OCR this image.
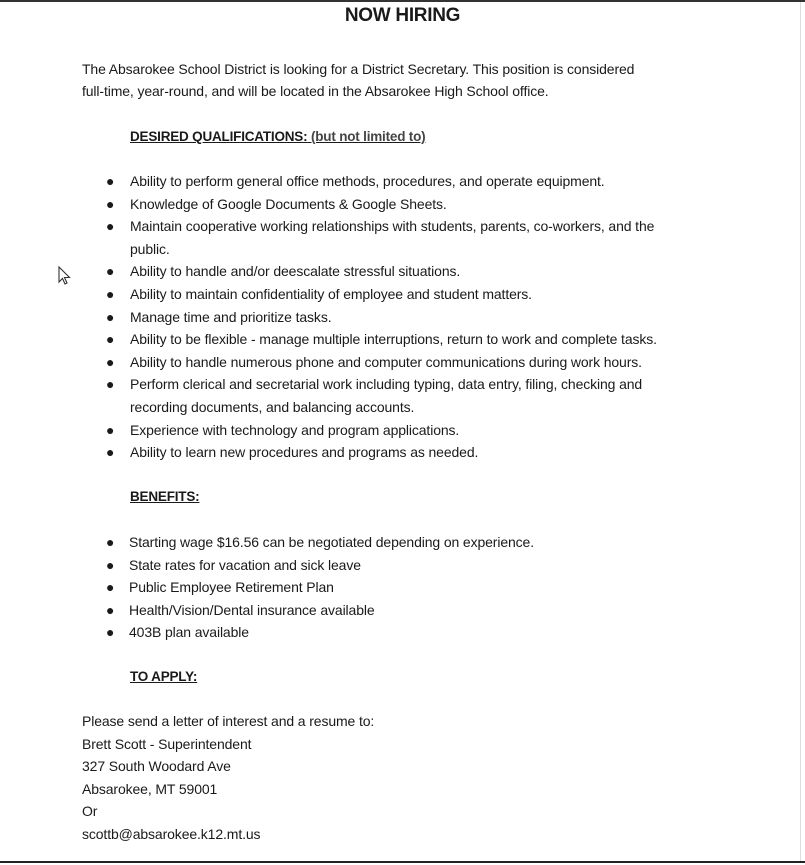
NOW HIRING
The Absarokee School District is looking for a District Secretary. This position is considered
full-time, year-round, and will be located in the Absarokee High School office.
DESIRED QUALIFICATIONS: (but not limited to)
● Ability to perform general office methods, procedures, and operate equipment.
● Knowledge of Google Documents & Google Sheets.
● Maintain cooperative working relationships with students, parents, co-workers, and the
public.
● Ability to handle and/or deescalate stressful situations.
● Ability to maintain confidentiality of employee and student matters.
● Manage time and prioritize tasks.
● Ability to be flexible - manage multiple interruptions, return to work and complete tasks.
● Ability to handle numerous phone and computer communications during work hours.
● Perform clerical and secretarial work including typing, data entry, filing, checking and
recording documents, and balancing accounts.
● Experience with technology and program applications.
● Ability to learn new procedures and programs as needed.
BENEFITS:
● Starting wage $16.56 can be negotiated depending on experience.
● State rates for vacation and sick leave
● Public Employee Retirement Plan
● Health/Vision/Dental insurance available
● 403B plan available
TO APPLY:
Please send a letter of interest and a resume to:
Brett Scott - Superintendent
327 South Woodard Ave
Absarokee, MT 59001
Or
scottb@absarokee.k12.mt.us
